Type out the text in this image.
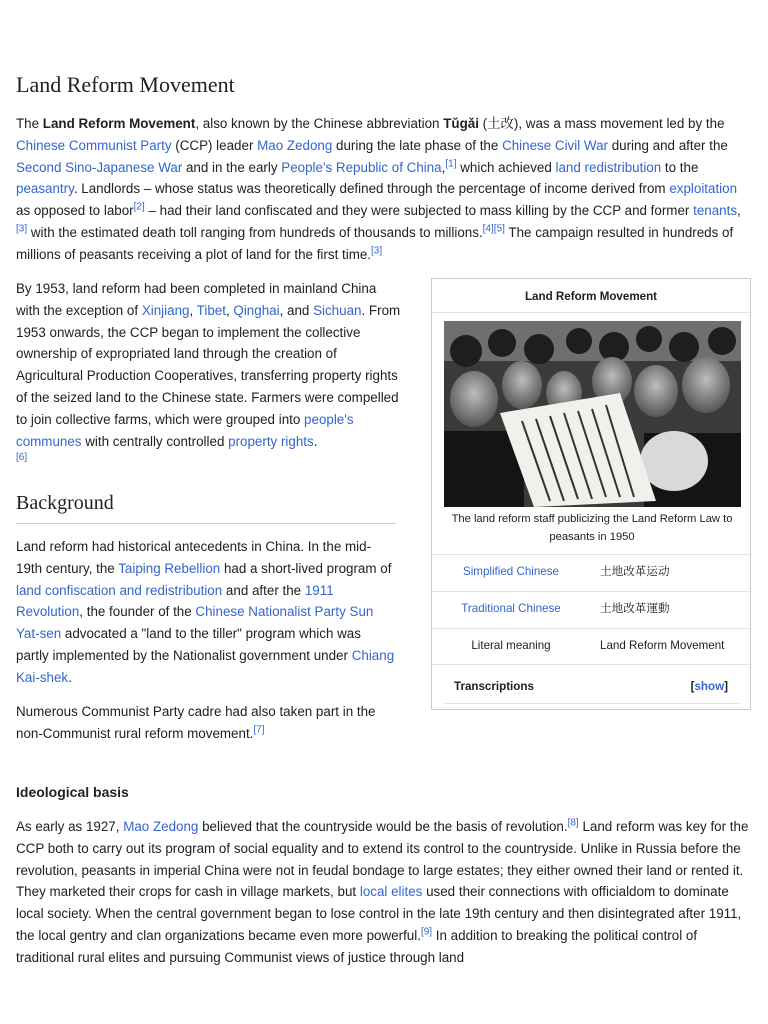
Land Reform Movement

The Land Reform Movement, also known by the Chinese abbreviation Tǔgǎi (土改), was a mass movement led by the Chinese Communist Party (CCP) leader Mao Zedong during the late phase of the Chinese Civil War during and after the Second Sino-Japanese War and in the early People's Republic of China,[1] which achieved land redistribution to the peasantry. Landlords – whose status was theoretically defined through the percentage of income derived from exploitation as opposed to labor[2] – had their land confiscated and they were subjected to mass killing by the CCP and former tenants,[3] with the estimated death toll ranging from hundreds of thousands to millions.[4][5] The campaign resulted in hundreds of millions of peasants receiving a plot of land for the first time.[3]

By 1953, land reform had been completed in mainland China with the exception of Xinjiang, Tibet, Qinghai, and Sichuan. From 1953 onwards, the CCP began to implement the collective ownership of expropriated land through the creation of Agricultural Production Cooperatives, transferring property rights of the seized land to the Chinese state. Farmers were compelled to join collective farms, which were grouped into people's communes with centrally controlled property rights.
[6]

Background

Land reform had historical antecedents in China. In the mid-19th century, the Taiping Rebellion had a short-lived program of land confiscation and redistribution and after the 1911 Revolution, the founder of the Chinese Nationalist Party Sun Yat-sen advocated a "land to the tiller" program which was partly implemented by the Nationalist government under Chiang Kai-shek.

Numerous Communist Party cadre had also taken part in the non-Communist rural reform movement.[7]

Ideological basis

As early as 1927, Mao Zedong believed that the countryside would be the basis of revolution.[8] Land reform was key for the CCP both to carry out its program of social equality and to extend its control to the countryside. Unlike in Russia before the revolution, peasants in imperial China were not in feudal bondage to large estates; they either owned their land or rented it. They marketed their crops for cash in village markets, but local elites used their connections with officialdom to dominate local society. When the central government began to lose control in the late 19th century and then disintegrated after 1911, the local gentry and clan organizations became even more powerful.[9] In addition to breaking the political control of traditional rural elites and pursuing Communist views of justice through land

Land Reform Movement
The land reform staff publicizing the Land Reform Law to peasants in 1950
Simplified Chinese	土地改革运动
Traditional Chinese	土地改革運動
Literal meaning	Land Reform Movement
Transcriptions	[show]
